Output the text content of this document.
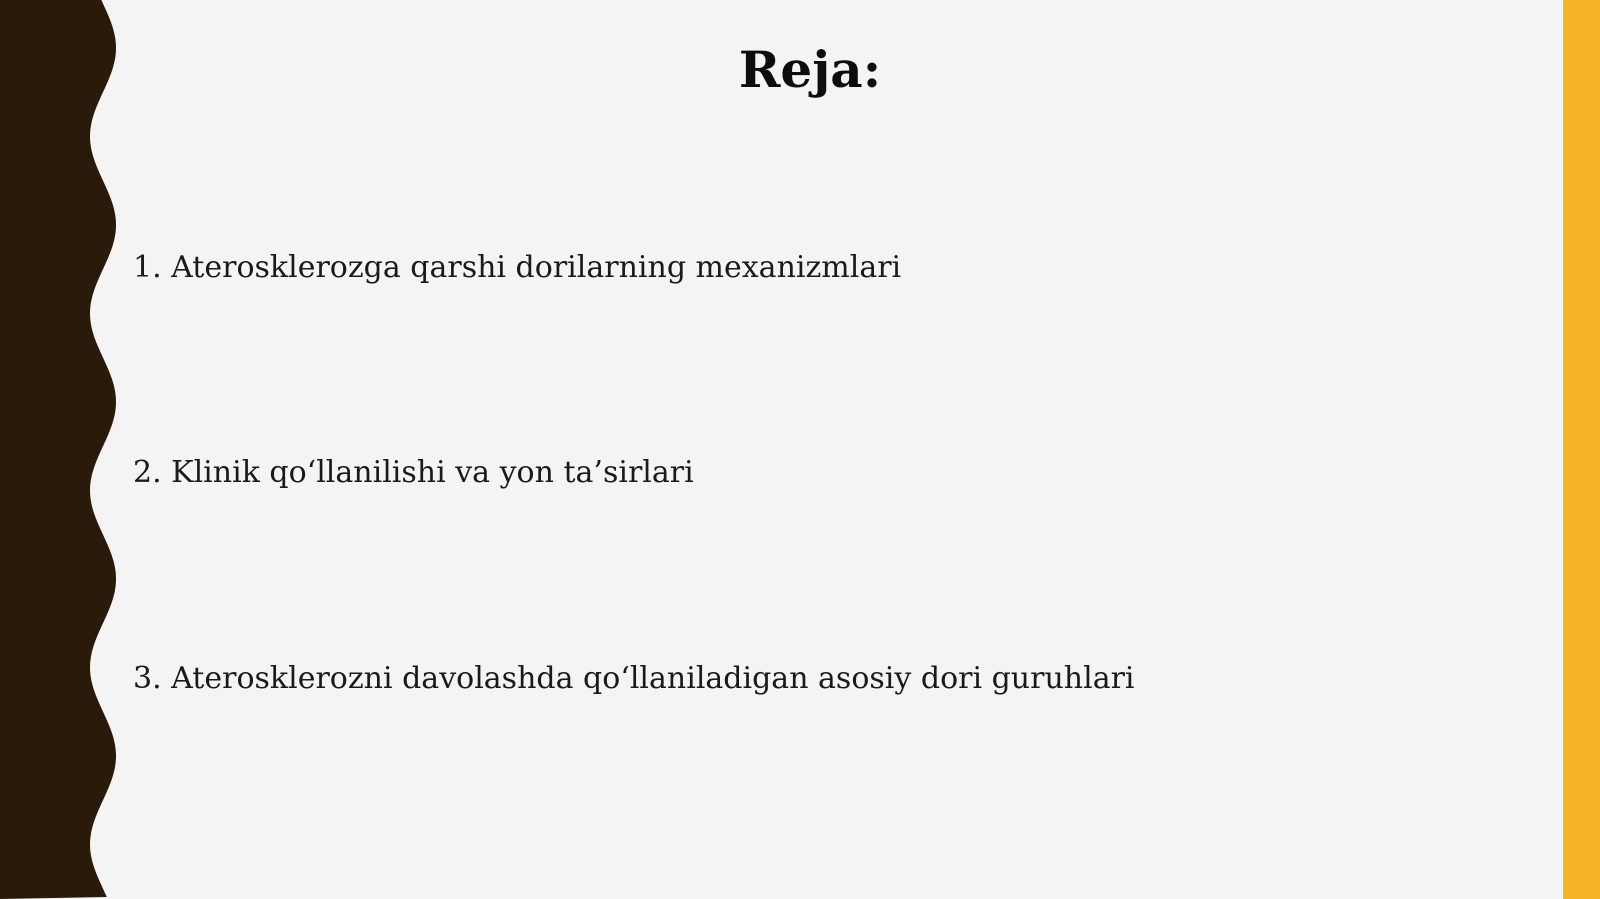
Reja:
1. Aterosklerozga qarshi dorilarning mexanizmlari
2. Klinik qo‘llanilishi va yon ta’sirlari
3. Aterosklerozni davolashda qo‘llaniladigan asosiy dori guruhlari
